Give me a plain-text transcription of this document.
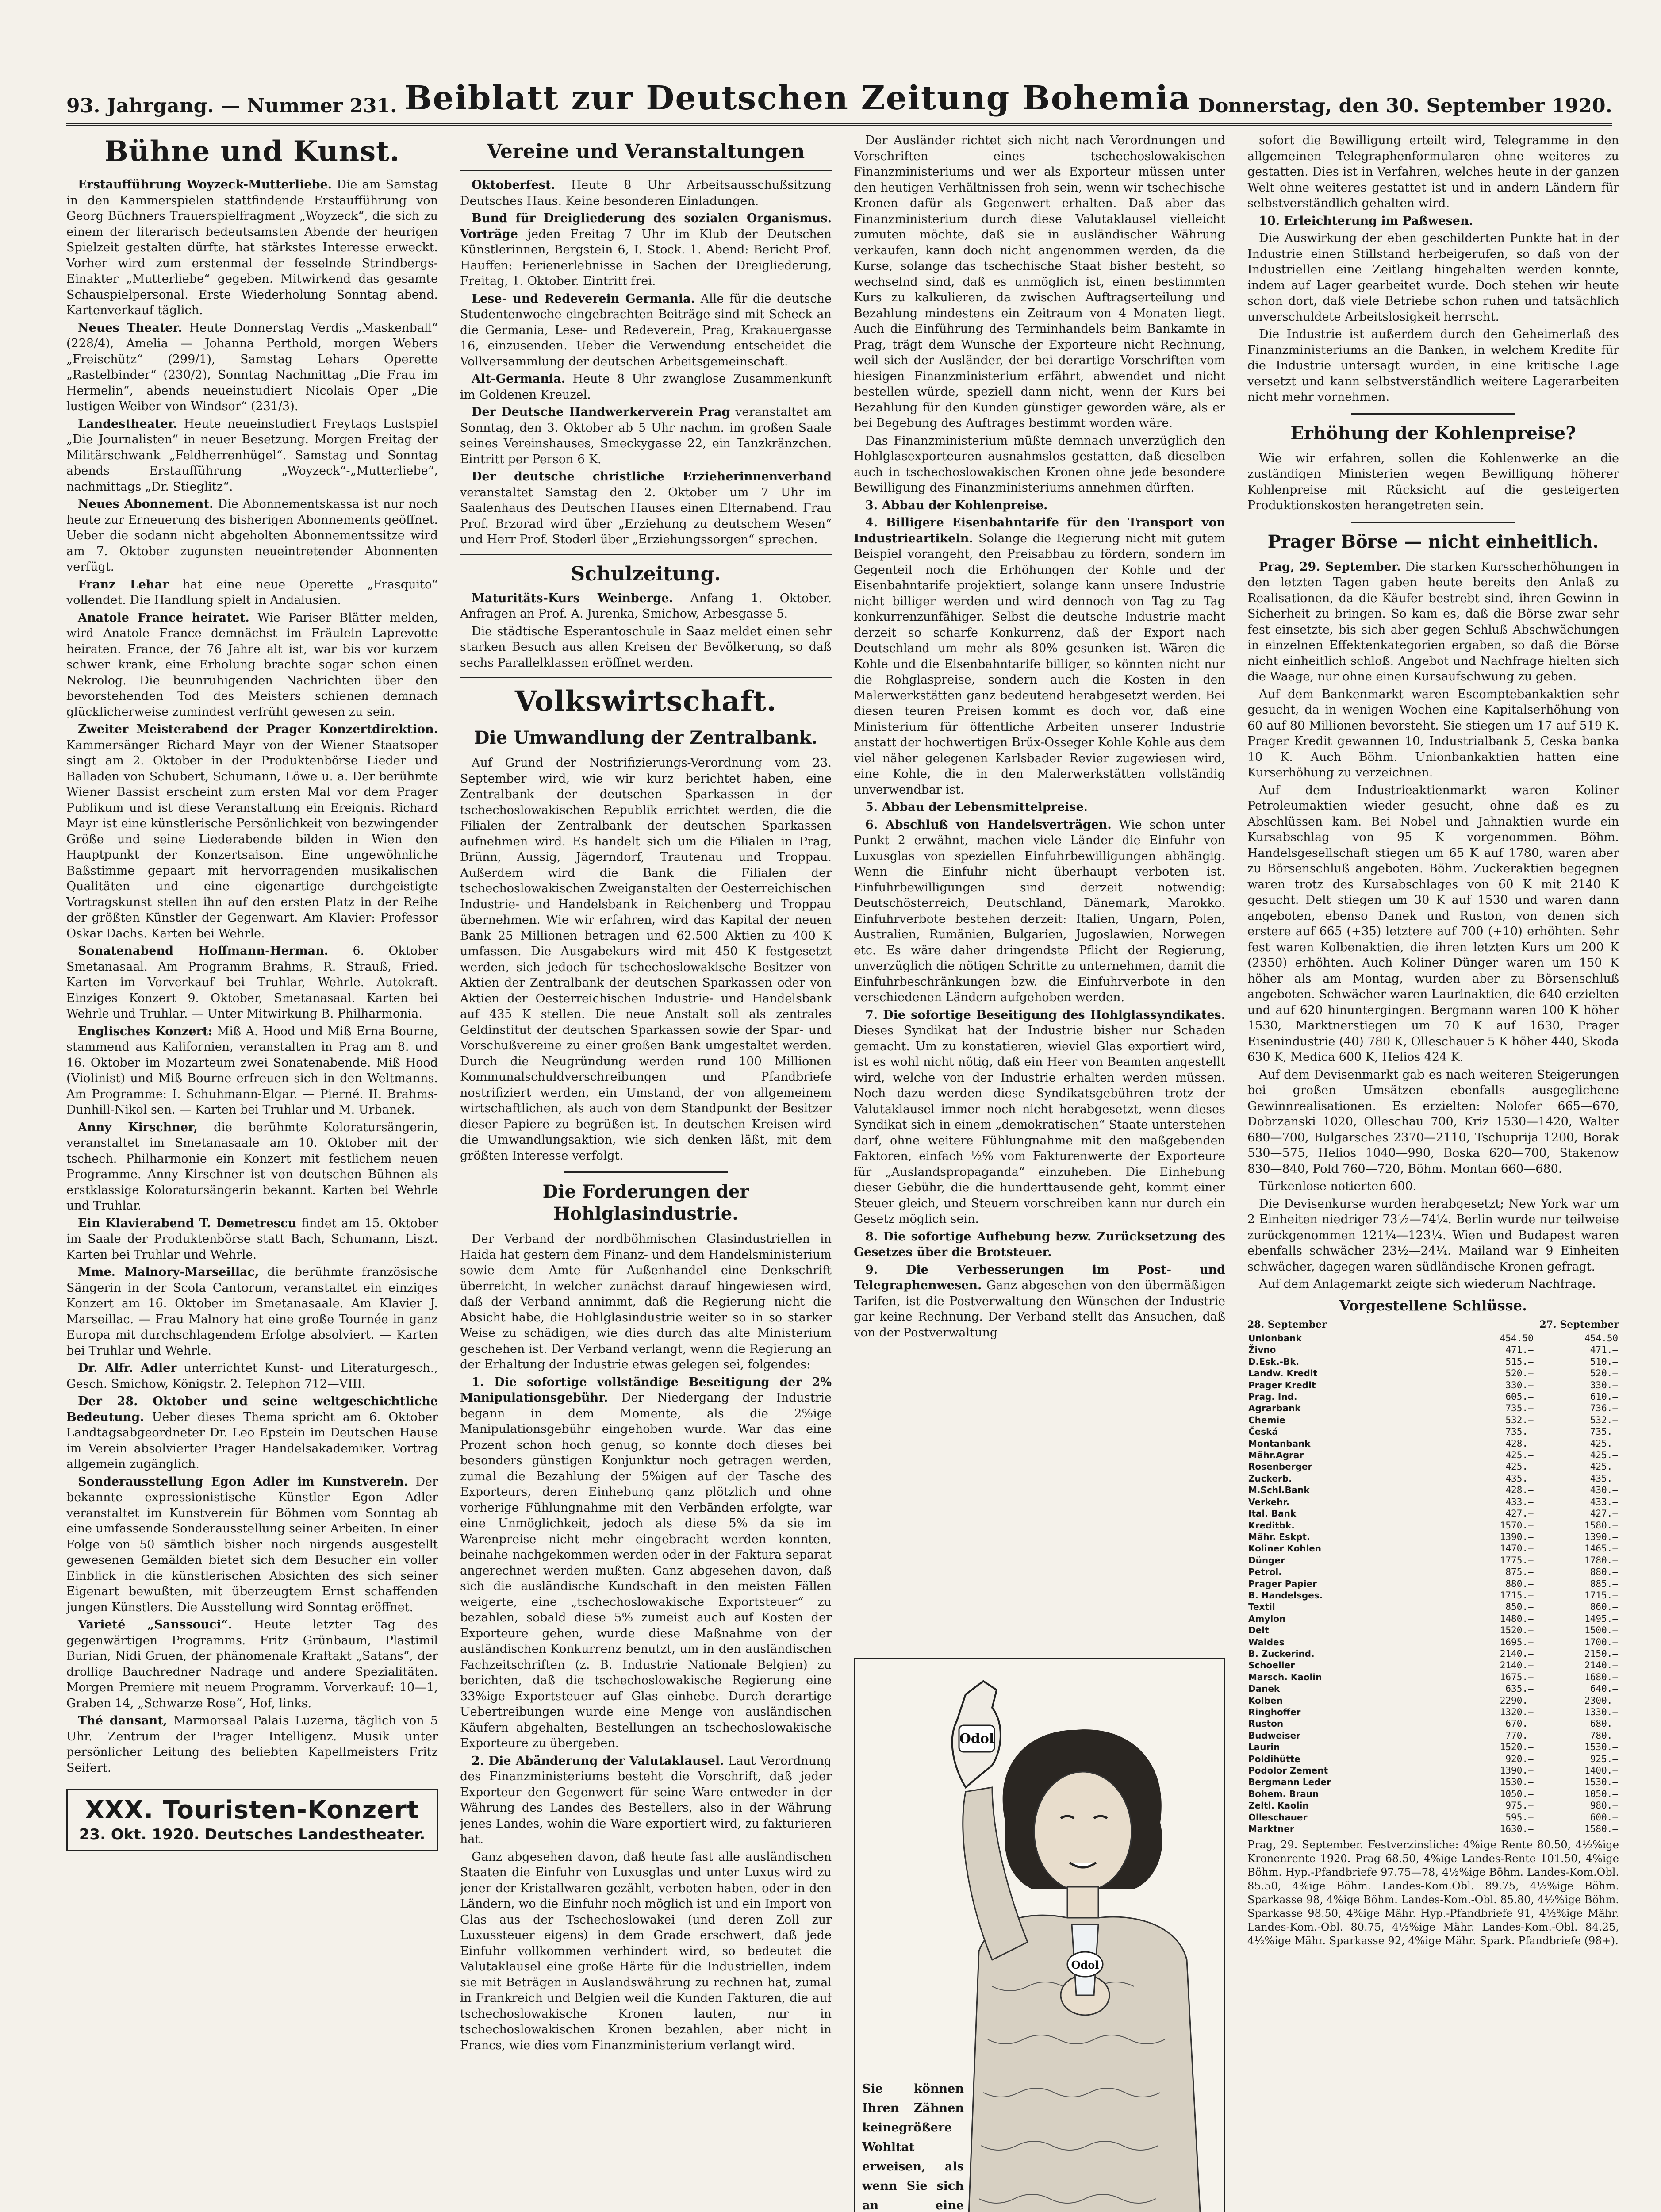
93. Jahrgang. — Nummer 231. Beiblatt zur Deutschen Zeitung Bohemia Donnerstag, den 30. September 1920.
Bühne und Kunst.

Erstaufführung Woyzeck-Mutterliebe. Die am Samstag in den Kammerspielen stattfindende Erstaufführung von Georg Büchners Trauerspielfragment „Woyzeck“, die sich zu einem der literarisch bedeutsamsten Abende der heurigen Spielzeit gestalten dürfte, hat stärkstes Interesse erweckt. Vorher wird zum erstenmal der fesselnde Strindbergs-Einakter „Mutterliebe“ gegeben. Mitwirkend das gesamte Schauspielpersonal. Erste Wiederholung Sonntag abend. Kartenverkauf täglich.

Neues Theater. Heute Donnerstag Verdis „Maskenball“ (228/4), Amelia — Johanna Perthold, morgen Webers „Freischütz“ (299/1), Samstag Lehars Operette „Rastelbinder“ (230/2), Sonntag Nachmittag „Die Frau im Hermelin“, abends neueinstudiert Nicolais Oper „Die lustigen Weiber von Windsor“ (231/3).

Landestheater. Heute neueinstudiert Freytags Lustspiel „Die Journalisten“ in neuer Besetzung. Morgen Freitag der Militärschwank „Feldherrenhügel“. Samstag und Sonntag abends Erstaufführung „Woyzeck“-„Mutterliebe“, nachmittags „Dr. Stieglitz“.

Neues Abonnement. Die Abonnementskassa ist nur noch heute zur Erneuerung des bisherigen Abonnements geöffnet. Ueber die sodann nicht abgeholten Abonnementssitze wird am 7. Oktober zugunsten neueintretender Abonnenten verfügt.

Franz Lehar hat eine neue Operette „Frasquito“ vollendet. Die Handlung spielt in Andalusien.

Anatole France heiratet. Wie Pariser Blätter melden, wird Anatole France demnächst im Fräulein Laprevotte heiraten. France, der 76 Jahre alt ist, war bis vor kurzem schwer krank, eine Erholung brachte sogar schon einen Nekrolog. Die beunruhigenden Nachrichten über den bevorstehenden Tod des Meisters schienen demnach glücklicherweise zumindest verfrüht gewesen zu sein.

Zweiter Meisterabend der Prager Konzertdirektion. Kammersänger Richard Mayr von der Wiener Staatsoper singt am 2. Oktober in der Produktenbörse Lieder und Balladen von Schubert, Schumann, Löwe u. a. Der berühmte Wiener Bassist erscheint zum ersten Mal vor dem Prager Publikum und ist diese Veranstaltung ein Ereignis. Richard Mayr ist eine künstlerische Persönlichkeit von bezwingender Größe und seine Liederabende bilden in Wien den Hauptpunkt der Konzertsaison. Eine ungewöhnliche Baßstimme gepaart mit hervorragenden musikalischen Qualitäten und eine eigenartige durchgeistigte Vortragskunst stellen ihn auf den ersten Platz in der Reihe der größten Künstler der Gegenwart. Am Klavier: Professor Oskar Dachs. Karten bei Wehrle.

Sonatenabend Hoffmann-Herman. 6. Oktober Smetanasaal. Am Programm Brahms, R. Strauß, Fried. Karten im Vorverkauf bei Truhlar, Wehrle. Autokraft. Einziges Konzert 9. Oktober, Smetanasaal. Karten bei Wehrle und Truhlar. — Unter Mitwirkung B. Philharmonia.

Englisches Konzert: Miß A. Hood und Miß Erna Bourne, stammend aus Kalifornien, veranstalten in Prag am 8. und 16. Oktober im Mozarteum zwei Sonatenabende. Miß Hood (Violinist) und Miß Bourne erfreuen sich in den Weltmanns. Am Programme: I. Schuhmann-Elgar. — Pierné. II. Brahms-Dunhill-Nikol sen. — Karten bei Truhlar und M. Urbanek.

Anny Kirschner, die berühmte Koloratursängerin, veranstaltet im Smetanasaale am 10. Oktober mit der tschech. Philharmonie ein Konzert mit festlichem neuen Programme. Anny Kirschner ist von deutschen Bühnen als erstklassige Koloratursängerin bekannt. Karten bei Wehrle und Truhlar.

Ein Klavierabend T. Demetrescu findet am 15. Oktober im Saale der Produktenbörse statt Bach, Schumann, Liszt. Karten bei Truhlar und Wehrle.

Mme. Malnory-Marseillac, die berühmte französische Sängerin in der Scola Cantorum, veranstaltet ein einziges Konzert am 16. Oktober im Smetanasaale. Am Klavier J. Marseillac. — Frau Malnory hat eine große Tournée in ganz Europa mit durchschlagendem Erfolge absolviert. — Karten bei Truhlar und Wehrle.

Dr. Alfr. Adler unterrichtet Kunst- und Literaturgesch., Gesch. Smichow, Königstr. 2. Telephon 712—VIII.

Der 28. Oktober und seine weltgeschichtliche Bedeutung. Ueber dieses Thema spricht am 6. Oktober Landtagsabgeordneter Dr. Leo Epstein im Deutschen Hause im Verein absolvierter Prager Handelsakademiker. Vortrag allgemein zugänglich.

Sonderausstellung Egon Adler im Kunstverein. Der bekannte expressionistische Künstler Egon Adler veranstaltet im Kunstverein für Böhmen vom Sonntag ab eine umfassende Sonderausstellung seiner Arbeiten. In einer Folge von 50 sämtlich bisher noch nirgends ausgestellt gewesenen Gemälden bietet sich dem Besucher ein voller Einblick in die künstlerischen Absichten des sich seiner Eigenart bewußten, mit überzeugtem Ernst schaffenden jungen Künstlers. Die Ausstellung wird Sonntag eröffnet.

Varieté „Sanssouci“. Heute letzter Tag des gegenwärtigen Programms. Fritz Grünbaum, Plastimil Burian, Nidi Gruen, der phänomenale Kraftakt „Satans“, der drollige Bauchredner Nadrage und andere Spezialitäten. Morgen Premiere mit neuem Programm. Vorverkauf: 10—1, Graben 14, „Schwarze Rose“, Hof, links.

Thé dansant, Marmorsaal Palais Luzerna, täglich von 5 Uhr. Zentrum der Prager Intelligenz. Musik unter persönlicher Leitung des beliebten Kapellmeisters Fritz Seifert.

XXX. Touristen-Konzert
23. Okt. 1920. Deutsches Landestheater.
Vereine und Veranstaltungen

Oktoberfest. Heute 8 Uhr Arbeitsausschußsitzung Deutsches Haus. Keine besonderen Einladungen.

Bund für Dreigliederung des sozialen Organismus. Vorträge jeden Freitag 7 Uhr im Klub der Deutschen Künstlerinnen, Bergstein 6, I. Stock. 1. Abend: Bericht Prof. Hauffen: Ferienerlebnisse in Sachen der Dreigliederung, Freitag, 1. Oktober. Eintritt frei.

Lese- und Redeverein Germania. Alle für die deutsche Studentenwoche eingebrachten Beiträge sind mit Scheck an die Germania, Lese- und Redeverein, Prag, Krakauergasse 16, einzusenden. Ueber die Verwendung entscheidet die Vollversammlung der deutschen Arbeitsgemeinschaft.

Alt-Germania. Heute 8 Uhr zwanglose Zusammenkunft im Goldenen Kreuzel.

Der Deutsche Handwerkerverein Prag veranstaltet am Sonntag, den 3. Oktober ab 5 Uhr nachm. im großen Saale seines Vereinshauses, Smeckygasse 22, ein Tanzkränzchen. Eintritt per Person 6 K.

Der deutsche christliche Erzieherinnenverband veranstaltet Samstag den 2. Oktober um 7 Uhr im Saalenhaus des Deutschen Hauses einen Elternabend. Frau Prof. Brzorad wird über „Erziehung zu deutschem Wesen“ und Herr Prof. Stoderl über „Erziehungssorgen“ sprechen.

Schulzeitung.

Maturitäts-Kurs Weinberge. Anfang 1. Oktober. Anfragen an Prof. A. Jurenka, Smichow, Arbesgasse 5.

Die städtische Esperantoschule in Saaz meldet einen sehr starken Besuch aus allen Kreisen der Bevölkerung, so daß sechs Parallelklassen eröffnet werden.

Volkswirtschaft.
Die Umwandlung der Zentralbank.

Auf Grund der Nostrifizierungs-Verordnung vom 23. September wird, wie wir kurz berichtet haben, eine Zentralbank der deutschen Sparkassen in der tschechoslowakischen Republik errichtet werden, die die Filialen der Zentralbank der deutschen Sparkassen aufnehmen wird. Es handelt sich um die Filialen in Prag, Brünn, Aussig, Jägerndorf, Trautenau und Troppau. Außerdem wird die Bank die Filialen der tschechoslowakischen Zweiganstalten der Oesterreichischen Industrie- und Handelsbank in Reichenberg und Troppau übernehmen. Wie wir erfahren, wird das Kapital der neuen Bank 25 Millionen betragen und 62.500 Aktien zu 400 K umfassen. Die Ausgabekurs wird mit 450 K festgesetzt werden, sich jedoch für tschechoslowakische Besitzer von Aktien der Zentralbank der deutschen Sparkassen oder von Aktien der Oesterreichischen Industrie- und Handelsbank auf 435 K stellen. Die neue Anstalt soll als zentrales Geldinstitut der deutschen Sparkassen sowie der Spar- und Vorschußvereine zu einer großen Bank umgestaltet werden. Durch die Neugründung werden rund 100 Millionen Kommunalschuldverschreibungen und Pfandbriefe nostrifiziert werden, ein Umstand, der von allgemeinem wirtschaftlichen, als auch von dem Standpunkt der Besitzer dieser Papiere zu begrüßen ist. In deutschen Kreisen wird die Umwandlungsaktion, wie sich denken läßt, mit dem größten Interesse verfolgt.

Die Forderungen der Hohlglasindustrie.

Der Verband der nordböhmischen Glasindustriellen in Haida hat gestern dem Finanz- und dem Handelsministerium sowie dem Amte für Außenhandel eine Denkschrift überreicht, in welcher zunächst darauf hingewiesen wird, daß der Verband annimmt, daß die Regierung nicht die Absicht habe, die Hohlglasindustrie weiter so in so starker Weise zu schädigen, wie dies durch das alte Ministerium geschehen ist. Der Verband verlangt, wenn die Regierung an der Erhaltung der Industrie etwas gelegen sei, folgendes:

1. Die sofortige vollständige Beseitigung der 2% Manipulationsgebühr. Der Niedergang der Industrie begann in dem Momente, als die 2%ige Manipulationsgebühr eingehoben wurde. War das eine Prozent schon hoch genug, so konnte doch dieses bei besonders günstigen Konjunktur noch getragen werden, zumal die Bezahlung der 5%igen auf der Tasche des Exporteurs, deren Einhebung ganz plötzlich und ohne vorherige Fühlungnahme mit den Verbänden erfolgte, war eine Unmöglichkeit, jedoch als diese 5% da sie im Warenpreise nicht mehr eingebracht werden konnten, beinahe nachgekommen werden oder in der Faktura separat angerechnet werden mußten. Ganz abgesehen davon, daß sich die ausländische Kundschaft in den meisten Fällen weigerte, eine „tschechoslowakische Exportsteuer“ zu bezahlen, sobald diese 5% zumeist auch auf Kosten der Exporteure gehen, wurde diese Maßnahme von der ausländischen Konkurrenz benutzt, um in den ausländischen Fachzeitschriften (z. B. Industrie Nationale Belgien) zu berichten, daß die tschechoslowakische Regierung eine 33%ige Exportsteuer auf Glas einhebe. Durch derartige Uebertreibungen wurde eine Menge von ausländischen Käufern abgehalten, Bestellungen an tschechoslowakische Exporteure zu übergeben.

2. Die Abänderung der Valutaklausel. Laut Verordnung des Finanzministeriums besteht die Vorschrift, daß jeder Exporteur den Gegenwert für seine Ware entweder in der Währung des Landes des Bestellers, also in der Währung jenes Landes, wohin die Ware exportiert wird, zu fakturieren hat.

Ganz abgesehen davon, daß heute fast alle ausländischen Staaten die Einfuhr von Luxusglas und unter Luxus wird zu jener der Kristallwaren gezählt, verboten haben, oder in den Ländern, wo die Einfuhr noch möglich ist und ein Import von Glas aus der Tschechoslowakei (und deren Zoll zur Luxussteuer eigens) in dem Grade erschwert, daß jede Einfuhr vollkommen verhindert wird, so bedeutet die Valutaklausel eine große Härte für die Industriellen, indem sie mit Beträgen in Auslandswährung zu rechnen hat, zumal in Frankreich und Belgien weil die Kunden Fakturen, die auf tschechoslowakische Kronen lauten, nur in tschechoslowakischen Kronen bezahlen, aber nicht in Francs, wie dies vom Finanzministerium verlangt wird.

Der Ausländer richtet sich nicht nach Verordnungen und Vorschriften eines tschechoslowakischen Finanzministeriums und wer als Exporteur müssen unter den heutigen Verhältnissen froh sein, wenn wir tschechische Kronen dafür als Gegenwert erhalten. Daß aber das Finanzministerium durch diese Valutaklausel vielleicht zumuten möchte, daß sie in ausländischer Währung verkaufen, kann doch nicht angenommen werden, da die Kurse, solange das tschechische Staat bisher besteht, so wechselnd sind, daß es unmöglich ist, einen bestimmten Kurs zu kalkulieren, da zwischen Auftragserteilung und Bezahlung mindestens ein Zeitraum von 4 Monaten liegt. Auch die Einführung des Terminhandels beim Bankamte in Prag, trägt dem Wunsche der Exporteure nicht Rechnung, weil sich der Ausländer, der bei derartige Vorschriften vom hiesigen Finanzministerium erfährt, abwendet und nicht bestellen würde, speziell dann nicht, wenn der Kurs bei Bezahlung für den Kunden günstiger geworden wäre, als er bei Begebung des Auftrages bestimmt worden wäre.

Das Finanzministerium müßte demnach unverzüglich den Hohlglasexporteuren ausnahmslos gestatten, daß dieselben auch in tschechoslowakischen Kronen ohne jede besondere Bewilligung des Finanzministeriums annehmen dürften.

3. Abbau der Kohlenpreise.

4. Billigere Eisenbahntarife für den Transport von Industrieartikeln. Solange die Regierung nicht mit gutem Beispiel vorangeht, den Preisabbau zu fördern, sondern im Gegenteil noch die Erhöhungen der Kohle und der Eisenbahntarife projektiert, solange kann unsere Industrie nicht billiger werden und wird dennoch von Tag zu Tag konkurrenzunfähiger. Selbst die deutsche Industrie macht derzeit so scharfe Konkurrenz, daß der Export nach Deutschland um mehr als 80% gesunken ist. Wären die Kohle und die Eisenbahntarife billiger, so könnten nicht nur die Rohglaspreise, sondern auch die Kosten in den Malerwerkstätten ganz bedeutend herabgesetzt werden. Bei diesen teuren Preisen kommt es doch vor, daß eine Ministerium für öffentliche Arbeiten unserer Industrie anstatt der hochwertigen Brüx-Osseger Kohle Kohle aus dem viel näher gelegenen Karlsbader Revier zugewiesen wird, eine Kohle, die in den Malerwerkstätten vollständig unverwendbar ist.

5. Abbau der Lebensmittelpreise.

6. Abschluß von Handelsverträgen. Wie schon unter Punkt 2 erwähnt, machen viele Länder die Einfuhr von Luxusglas von speziellen Einfuhrbewilligungen abhängig. Wenn die Einfuhr nicht überhaupt verboten ist. Einfuhrbewilligungen sind derzeit notwendig: Deutschösterreich, Deutschland, Dänemark, Marokko. Einfuhrverbote bestehen derzeit: Italien, Ungarn, Polen, Australien, Rumänien, Bulgarien, Jugoslawien, Norwegen etc. Es wäre daher dringendste Pflicht der Regierung, unverzüglich die nötigen Schritte zu unternehmen, damit die Einfuhrbeschränkungen bzw. die Einfuhrverbote in den verschiedenen Ländern aufgehoben werden.

7. Die sofortige Beseitigung des Hohlglassyndikates. Dieses Syndikat hat der Industrie bisher nur Schaden gemacht. Um zu konstatieren, wieviel Glas exportiert wird, ist es wohl nicht nötig, daß ein Heer von Beamten angestellt wird, welche von der Industrie erhalten werden müssen. Noch dazu werden diese Syndikatsgebühren trotz der Valutaklausel immer noch nicht herabgesetzt, wenn dieses Syndikat sich in einem „demokratischen“ Staate unterstehen darf, ohne weitere Fühlungnahme mit den maßgebenden Faktoren, einfach ½% vom Fakturenwerte der Exporteure für „Auslandspropaganda“ einzuheben. Die Einhebung dieser Gebühr, die die hunderttausende geht, kommt einer Steuer gleich, und Steuern vorschreiben kann nur durch ein Gesetz möglich sein.

8. Die sofortige Aufhebung bezw. Zurücksetzung des Gesetzes über die Brotsteuer.

9. Die Verbesserungen im Post- und Telegraphenwesen. Ganz abgesehen von den übermäßigen Tarifen, ist die Postverwaltung den Wünschen der Industrie gar keine Rechnung. Der Verband stellt das Ansuchen, daß von der Postverwaltung

Odol
Odol
Sie können Ihren Zähnen keinegrößere Wohltat erweisen, als wenn Sie sich an eine

sofort die Bewilligung erteilt wird, Telegramme in den allgemeinen Telegraphenformularen ohne weiteres zu gestatten. Dies ist in Verfahren, welches heute in der ganzen Welt ohne weiteres gestattet ist und in andern Ländern für selbstverständlich gehalten wird.

10. Erleichterung im Paßwesen.

Die Auswirkung der eben geschilderten Punkte hat in der Industrie einen Stillstand herbeigerufen, so daß von der Industriellen eine Zeitlang hingehalten werden konnte, indem auf Lager gearbeitet wurde. Doch stehen wir heute schon dort, daß viele Betriebe schon ruhen und tatsächlich unverschuldete Arbeitslosigkeit herrscht.

Die Industrie ist außerdem durch den Geheimerlaß des Finanzministeriums an die Banken, in welchem Kredite für die Industrie untersagt wurden, in eine kritische Lage versetzt und kann selbstverständlich weitere Lagerarbeiten nicht mehr vornehmen.

Erhöhung der Kohlenpreise?

Wie wir erfahren, sollen die Kohlenwerke an die zuständigen Ministerien wegen Bewilligung höherer Kohlenpreise mit Rücksicht auf die gesteigerten Produktionskosten herangetreten sein.

Prager Börse — nicht einheitlich.

Prag, 29. September. Die starken Kursscherhöhungen in den letzten Tagen gaben heute bereits den Anlaß zu Realisationen, da die Käufer bestrebt sind, ihren Gewinn in Sicherheit zu bringen. So kam es, daß die Börse zwar sehr fest einsetzte, bis sich aber gegen Schluß Abschwächungen in einzelnen Effektenkategorien ergaben, so daß die Börse nicht einheitlich schloß. Angebot und Nachfrage hielten sich die Waage, nur ohne einen Kursaufschwung zu geben.

Auf dem Bankenmarkt waren Escomptebankaktien sehr gesucht, da in wenigen Wochen eine Kapitalserhöhung von 60 auf 80 Millionen bevorsteht. Sie stiegen um 17 auf 519 K. Prager Kredit gewannen 10, Industrialbank 5, Ceska banka 10 K. Auch Böhm. Unionbankaktien hatten eine Kurserhöhung zu verzeichnen.

Auf dem Industrieaktienmarkt waren Koliner Petroleumaktien wieder gesucht, ohne daß es zu Abschlüssen kam. Bei Nobel und Jahnaktien wurde ein Kursabschlag von 95 K vorgenommen. Böhm. Handelsgesellschaft stiegen um 65 K auf 1780, waren aber zu Börsenschluß angeboten. Böhm. Zuckeraktien begegnen waren trotz des Kursabschlages von 60 K mit 2140 K gesucht. Delt stiegen um 30 K auf 1530 und waren dann angeboten, ebenso Danek und Ruston, von denen sich erstere auf 665 (+35) letztere auf 700 (+10) erhöhten. Sehr fest waren Kolbenaktien, die ihren letzten Kurs um 200 K (2350) erhöhten. Auch Koliner Dünger waren um 150 K höher als am Montag, wurden aber zu Börsenschluß angeboten. Schwächer waren Laurinaktien, die 640 erzielten und auf 620 hinuntergingen. Bergmann waren 100 K höher 1530, Marktnerstiegen um 70 K auf 1630, Prager Eisenindustrie (40) 780 K, Olleschauer 5 K höher 440, Skoda 630 K, Medica 600 K, Helios 424 K.

Auf dem Devisenmarkt gab es nach weiteren Steigerungen bei großen Umsätzen ebenfalls ausgeglichene Gewinnrealisationen. Es erzielten: Nolofer 665—670, Dobrzanski 1020, Olleschau 700, Kriz 1530—1420, Walter 680—700, Bulgarsches 2370—2110, Tschuprija 1200, Borak 530—575, Helios 1040—990, Boska 620—700, Stakenow 830—840, Pold 760—720, Böhm. Montan 660—680.

Türkenlose notierten 600.

Die Devisenkurse wurden herabgesetzt; New York war um 2 Einheiten niedriger 73½—74¼. Berlin wurde nur teilweise zurückgenommen 121¼—123¼. Wien und Budapest waren ebenfalls schwächer 23½—24¼. Mailand war 9 Einheiten schwächer, dagegen waren südländische Kronen gefragt.

Auf dem Anlagemarkt zeigte sich wiederum Nachfrage.

Vorgestellene Schlüsse.
28. September	27. September
Unionbank	454.50	454.50
Živno	471.—	471.—
D.Esk.-Bk.	515.—	510.—
Landw. Kredit	520.—	520.—
Prager Kredit	330.—	330.—
Prag. Ind.	605.—	610.—
Agrarbank	735.—	736.—
Chemie	532.—	532.—
Česká	735.—	735.—
Montanbank	428.—	425.—
Mähr.Agrar	425.—	425.—
Rosenberger	425.—	425.—
Zuckerb.	435.—	435.—
M.Schl.Bank	428.—	430.—
Verkehr.	433.—	433.—
Ital. Bank	427.—	427.—
Kreditbk.	1570.—	1580.—
Mähr. Eskpt.	1390.—	1390.—
Koliner Kohlen	1470.—	1465.—
Dünger	1775.—	1780.—
Petrol.	875.—	880.—
Prager Papier	880.—	885.—
B. Handelsges.	1715.—	1715.—
Textil	850.—	860.—
Amylon	1480.—	1495.—
Delt	1520.—	1500.—
Waldes	1695.—	1700.—
B. Zuckerind.	2140.—	2150.—
Schoeller	2140.—	2140.—
Marsch. Kaolin	1675.—	1680.—
Danek	635.—	640.—
Kolben	2290.—	2300.—
Ringhoffer	1320.—	1330.—
Ruston	670.—	680.—
Budweiser	770.—	780.—
Laurin	1520.—	1530.—
Poldihütte	920.—	925.—
Podolor Zement	1390.—	1400.—
Bergmann Leder	1530.—	1530.—
Bohem. Braun	1050.—	1050.—
Zeltl. Kaolin	975.—	980.—
Olleschauer	595.—	600.—
Marktner	1630.—	1580.—

Prag, 29. September. Festverzinsliche: 4%ige Rente 80.50, 4½%ige Kronenrente 1920. Prag 68.50, 4%ige Landes-Rente 101.50, 4%ige Böhm. Hyp.-Pfandbriefe 97.75—78, 4½%ige Böhm. Landes-Kom.Obl. 85.50, 4%ige Böhm. Landes-Kom.Obl. 89.75, 4½%ige Böhm. Sparkasse 98, 4%ige Böhm. Landes-Kom.-Obl. 85.80, 4½%ige Böhm. Sparkasse 98.50, 4%ige Mähr. Hyp.-Pfandbriefe 91, 4½%ige Mähr. Landes-Kom.-Obl. 80.75, 4½%ige Mähr. Landes-Kom.-Obl. 84.25, 4½%ige Mähr. Sparkasse 92, 4%ige Mähr. Spark. Pfandbriefe (98+).
